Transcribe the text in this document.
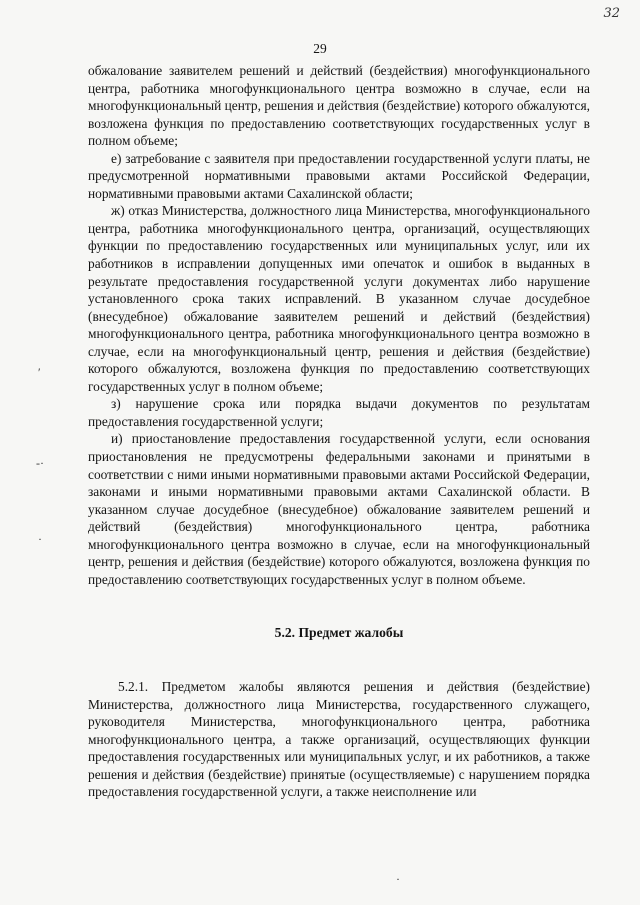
32
29
′
-·
·
·

обжалование заявителем решений и действий (бездействия) многофункционального центра, работника многофункционального центра возможно в случае, если на многофункциональный центр, решения и действия (бездействие) которого обжалуются, возложена функция по предоставлению соответствующих государственных услуг в полном объеме;

е) затребование с заявителя при предоставлении государственной услуги платы, не предусмотренной нормативными правовыми актами Российской Федерации, нормативными правовыми актами Сахалинской области;

ж) отказ Министерства, должностного лица Министерства, многофункционального центра, работника многофункционального центра, организаций, осуществляющих функции по предоставлению государственных или муниципальных услуг, или их работников в исправлении допущенных ими опечаток и ошибок в выданных в результате предоставления государственной услуги документах либо нарушение установленного срока таких исправлений. В указанном случае досудебное (внесудебное) обжалование заявителем решений и действий (бездействия) многофункционального центра, работника многофункционального центра возможно в случае, если на многофункциональный центр, решения и действия (бездействие) которого обжалуются, возложена функция по предоставлению соответствующих государственных услуг в полном объеме;

з) нарушение срока или порядка выдачи документов по результатам предоставления государственной услуги;

и) приостановление предоставления государственной услуги, если основания приостановления не предусмотрены федеральными законами и принятыми в соответствии с ними иными нормативными правовыми актами Российской Федерации, законами и иными нормативными правовыми актами Сахалинской области. В указанном случае досудебное (внесудебное) обжалование заявителем решений и действий (бездействия) многофункционального центра, работника многофункционального центра возможно в случае, если на многофункциональный центр, решения и действия (бездействие) которого обжалуются, возложена функция по предоставлению соответствующих государственных услуг в полном объеме.

5.2. Предмет жалобы

5.2.1. Предметом жалобы являются решения и действия (бездействие) Министерства, должностного лица Министерства, государственного служащего, руководителя Министерства, многофункционального центра, работника многофункционального центра, а также организаций, осуществляющих функции предоставления государственных или муниципальных услуг, и их работников, а также решения и действия (бездействие) принятые (осуществляемые) с нарушением порядка предоставления государственной услуги, а также неисполнение или
